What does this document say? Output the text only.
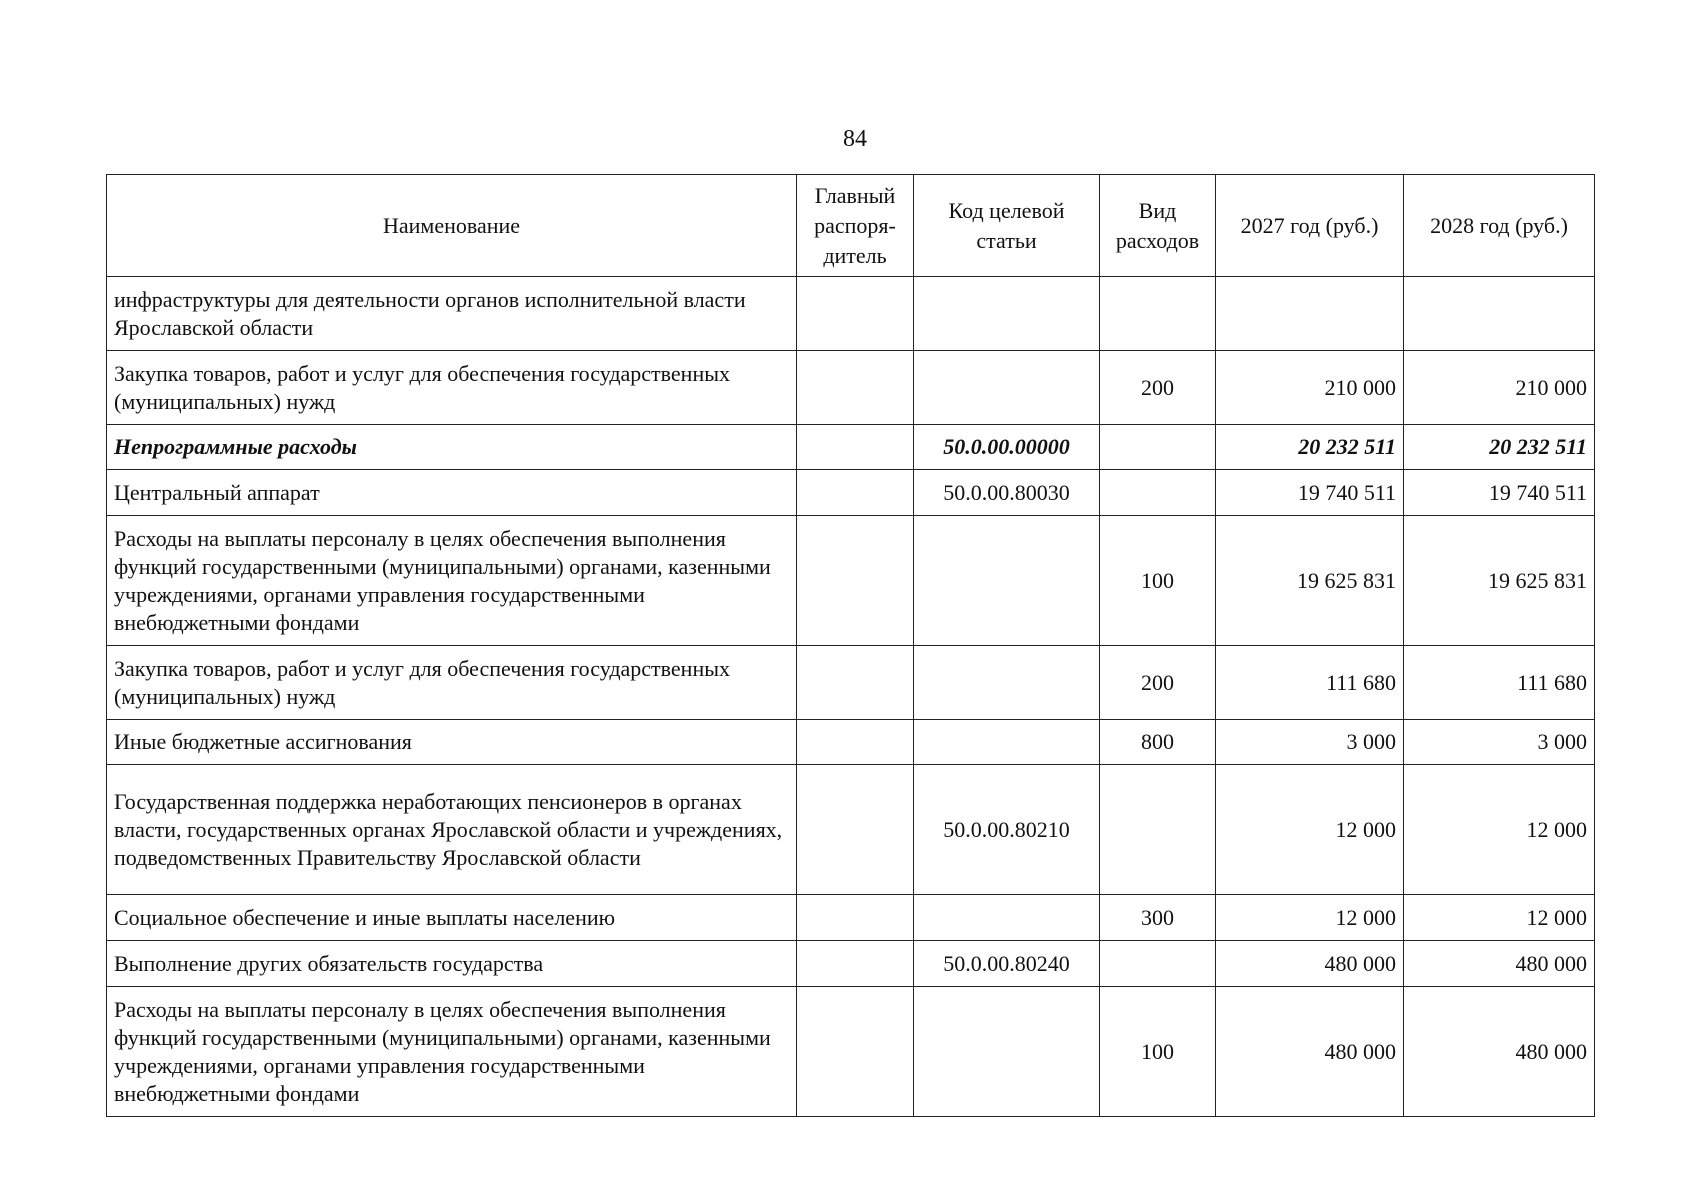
84
Наименование	Главный распоря-дитель	Код целевой статьи	Вид расходов	2027 год (руб.)	2028 год (руб.)
инфраструктуры для деятельности органов исполнительной власти Ярославской области					
Закупка товаров, работ и услуг для обеспечения государственных (муниципальных) нужд			200	210 000	210 000
Непрограммные расходы		50.0.00.00000		20 232 511	20 232 511
Центральный аппарат		50.0.00.80030		19 740 511	19 740 511
Расходы на выплаты персоналу в целях обеспечения выполнения функций государственными (муниципальными) органами, казенными учреждениями, органами управления государственными внебюджетными фондами			100	19 625 831	19 625 831
Закупка товаров, работ и услуг для обеспечения государственных (муниципальных) нужд			200	111 680	111 680
Иные бюджетные ассигнования			800	3 000	3 000
Государственная поддержка неработающих пенсионеров в органах власти, государственных органах Ярославской области и учреждениях, подведомственных Правительству Ярославской области		50.0.00.80210		12 000	12 000
Социальное обеспечение и иные выплаты населению			300	12 000	12 000
Выполнение других обязательств государства		50.0.00.80240		480 000	480 000
Расходы на выплаты персоналу в целях обеспечения выполнения функций государственными (муниципальными) органами, казенными учреждениями, органами управления государственными внебюджетными фондами			100	480 000	480 000
